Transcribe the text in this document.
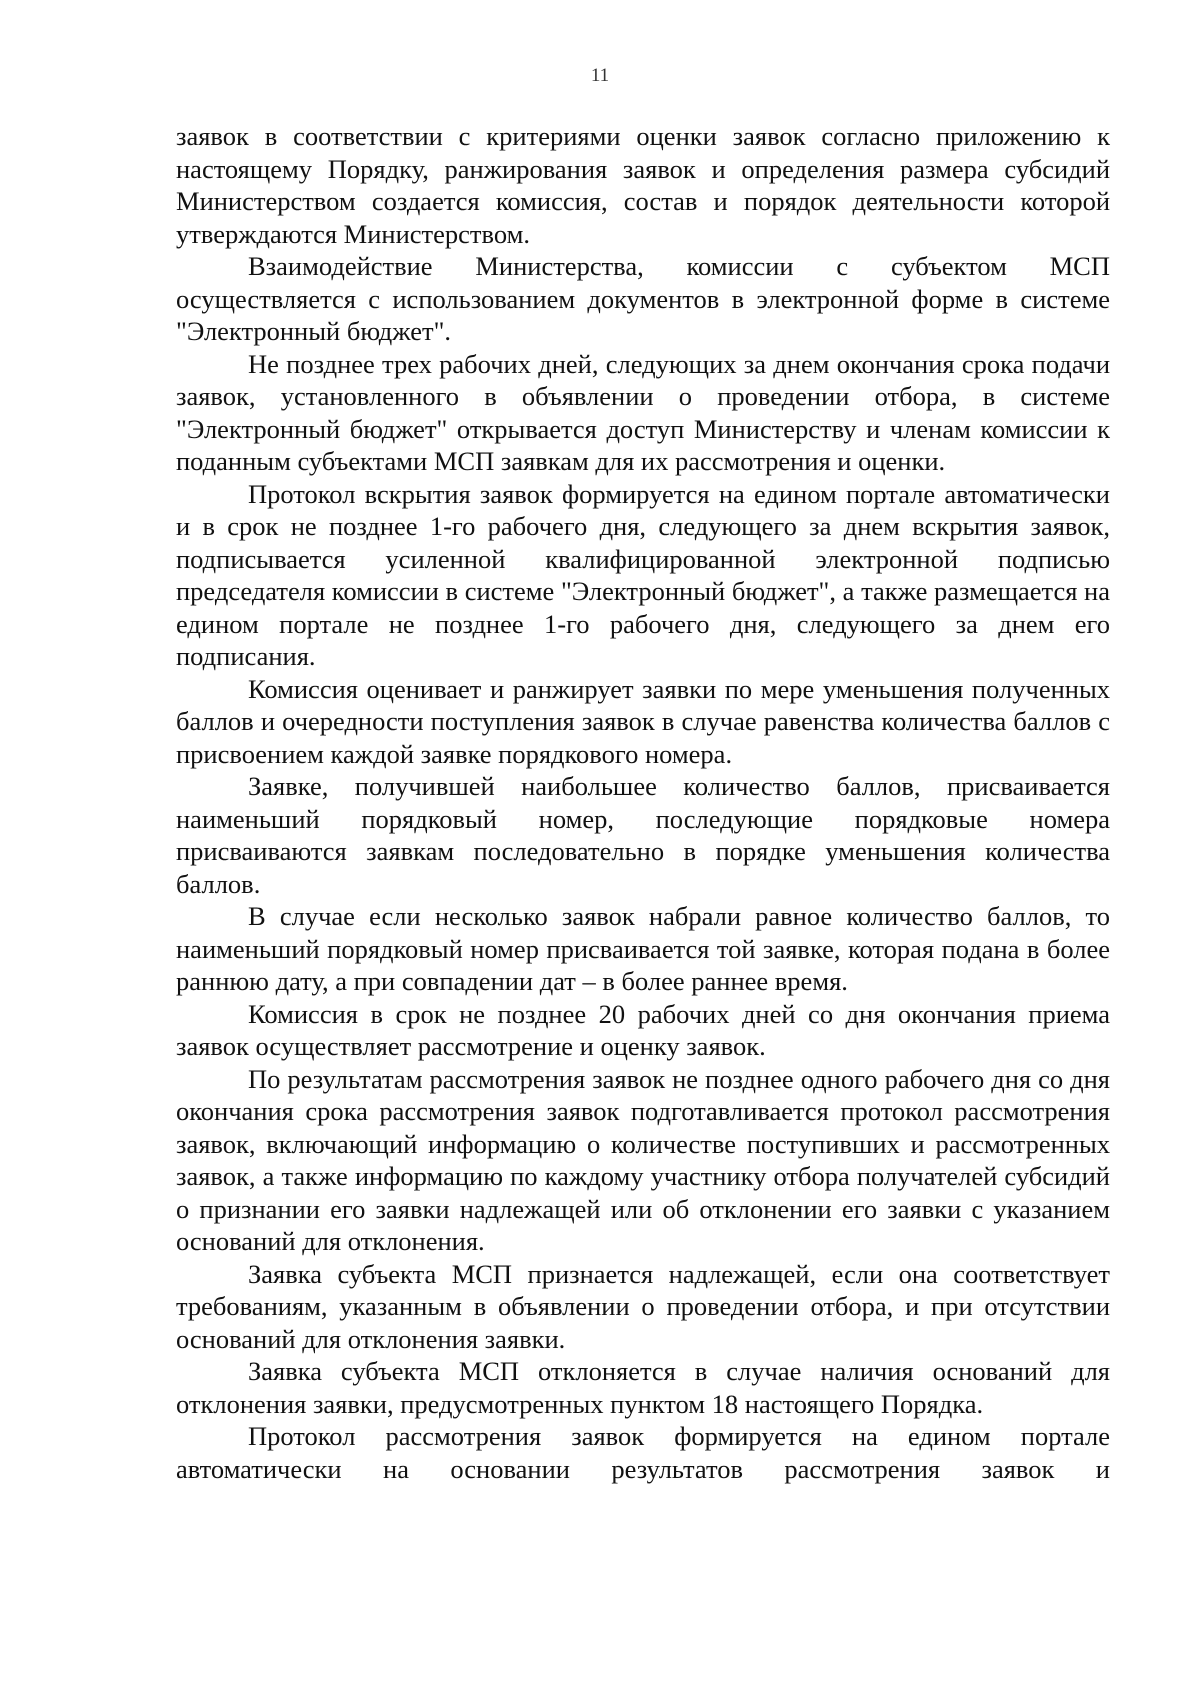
11

заявок в соответствии с критериями оценки заявок согласно приложению к настоящему Порядку, ранжирования заявок и определения размера субсидий Министерством создается комиссия, состав и порядок деятельности которой утверждаются Министерством.

Взаимодействие Министерства, комиссии с субъектом МСП осуществляется с использованием документов в электронной форме в системе "Электронный бюджет".

Не позднее трех рабочих дней, следующих за днем окончания срока подачи заявок, установленного в объявлении о проведении отбора, в системе "Электронный бюджет" открывается доступ Министерству и членам комиссии к поданным субъектами МСП заявкам для их рассмотрения и оценки.

Протокол вскрытия заявок формируется на едином портале автоматически и в срок не позднее 1-го рабочего дня, следующего за днем вскрытия заявок, подписывается усиленной квалифицированной электронной подписью председателя комиссии в системе "Электронный бюджет", а также размещается на едином портале не позднее 1-го рабочего дня, следующего за днем его подписания.

Комиссия оценивает и ранжирует заявки по мере уменьшения полученных баллов и очередности поступления заявок в случае равенства количества баллов с присвоением каждой заявке порядкового номера.

Заявке, получившей наибольшее количество баллов, присваивается наименьший порядковый номер, последующие порядковые номера присваиваются заявкам последовательно в порядке уменьшения количества баллов.

В случае если несколько заявок набрали равное количество баллов, то наименьший порядковый номер присваивается той заявке, которая подана в более раннюю дату, а при совпадении дат – в более раннее время.

Комиссия в срок не позднее 20 рабочих дней со дня окончания приема заявок осуществляет рассмотрение и оценку заявок.

По результатам рассмотрения заявок не позднее одного рабочего дня со дня окончания срока рассмотрения заявок подготавливается протокол рассмотрения заявок, включающий информацию о количестве поступивших и рассмотренных заявок, а также информацию по каждому участнику отбора получателей субсидий о признании его заявки надлежащей или об отклонении его заявки с указанием оснований для отклонения.

Заявка субъекта МСП признается надлежащей, если она соответствует требованиям, указанным в объявлении о проведении отбора, и при отсутствии оснований для отклонения заявки.

Заявка субъекта МСП отклоняется в случае наличия оснований для отклонения заявки, предусмотренных пунктом 18 настоящего Порядка.

Протокол рассмотрения заявок формируется на едином портале автоматически на основании результатов рассмотрения заявок и
